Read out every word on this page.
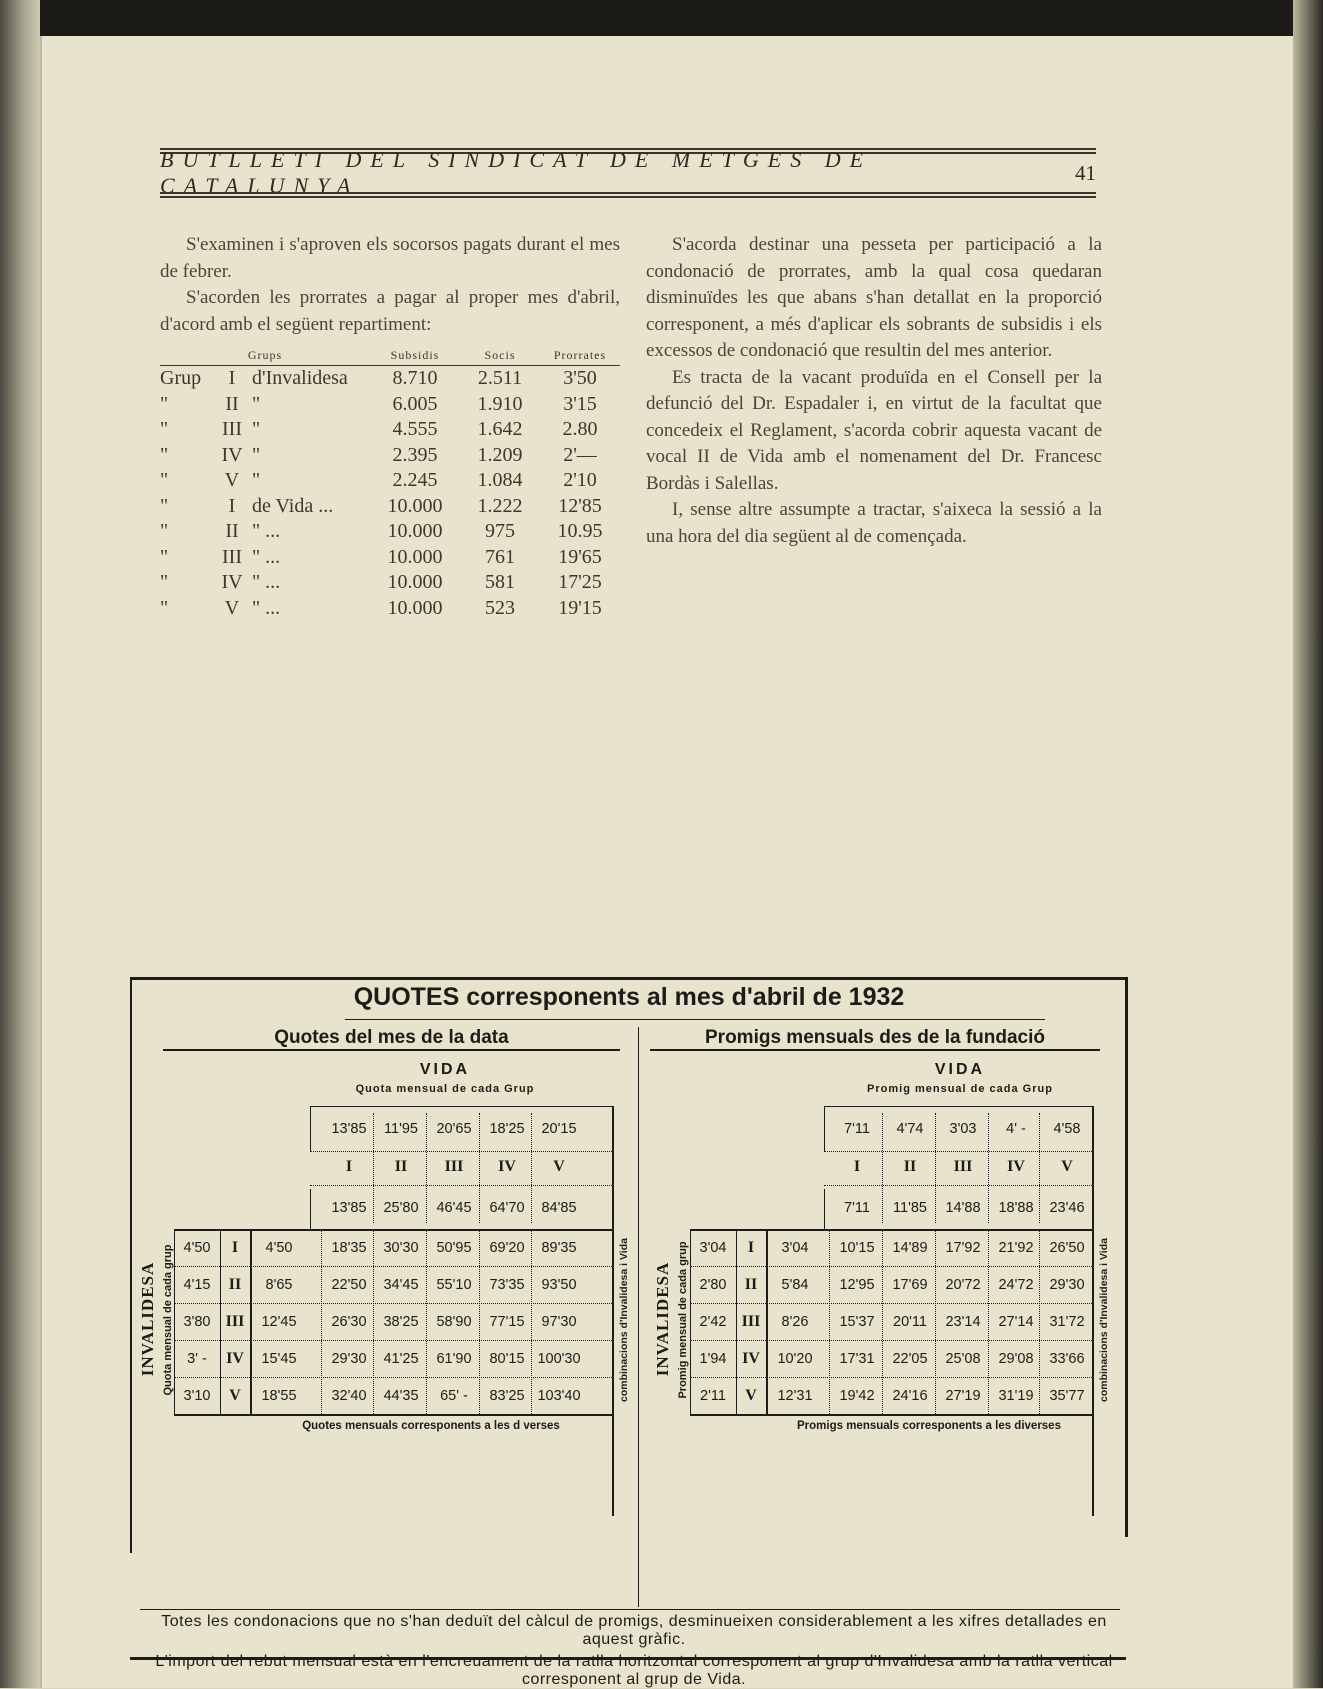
BUTLLETI DEL SINDICAT DE METGES DE CATALUNYA
41

S'examinen i s'aproven els socorsos pagats durant el mes de febrer.

S'acorden les prorrates a pagar al proper mes d'abril, d'acord amb el següent repartiment:

Grups			Subsidis	Socis	Prorrates
Grup	I	d'Invalidesa	8.710	2.511	3'50
"	II	"	6.005	1.910	3'15
"	III	"	4.555	1.642	2.80
"	IV	"	2.395	1.209	2'—
"	V	"	2.245	1.084	2'10
"	I	de Vida ...	10.000	1.222	12'85
"	II	" ...	10.000	975	10.95
"	III	" ...	10.000	761	19'65
"	IV	" ...	10.000	581	17'25
"	V	" ...	10.000	523	19'15

S'acorda destinar una pesseta per participació a la condonació de prorrates, amb la qual cosa quedaran disminuïdes les que abans s'han detallat en la proporció corresponent, a més d'aplicar els sobrants de subsidis i els excessos de condonació que resultin del mes anterior.

Es tracta de la vacant produïda en el Consell per la defunció del Dr. Espadaler i, en virtut de la facultat que concedeix el Reglament, s'acorda cobrir aquesta vacant de vocal II de Vida amb el nomenament del Dr. Francesc Bordàs i Salellas.

I, sense altre assumpte a tractar, s'aixeca la sessió a la una hora del dia següent al de començada.

QUOTES corresponents al mes d'abril de 1932
Quotes del mes de la data	Promigs mensuals des de la fundació
VIDA
Quota mensual de cada Grup
13'85	11'95	20'65	18'25	20'15
I	II	III	IV	V
13'85	25'80	46'45	64'70	84'85
4'50	I	4'50	18'35	30'30	50'95	69'20	89'35
4'15	II	8'65	22'50	34'45	55'10	73'35	93'50
3'80 III	12'45	26'30	38'25	58'90	77'15	97'30
3' -	IV	15'45	29'30	41'25	61'90	80'15 100'30
3'10	V	18'55	32'40	44'35	65' -	83'25 103'40
INVALIDESA Quota mensual de cada grup	combinacions d'Invalidesa i Vida
Quotes mensuals corresponents a les d verses
VIDA
Promig mensual de cada Grup
7'11	4'74	3'03	4' -	4'58
I	II	III	IV	V
7'11	11'85	14'88	18'88	23'46
3'04	I	3'04	10'15	14'89	17'92	21'92	26'50
2'80	II	5'84	12'95	17'69	20'72	24'72	29'30
2'42 III	8'26	15'37	20'11	23'14	27'14	31'72
1'94 IV	10'20	17'31	22'05	25'08	29'08	33'66
2'11	V	12'31	19'42	24'16	27'19	31'19	35'77
INVALIDESA Promig mensual de cada grup	combinacions d'Invalidesa i Vida
Promigs mensuals corresponents a les diverses
Totes les condonacions que no s'han deduït del càlcul de promigs, desminueixen considerablement a les xifres detallades en aquest gràfic.
L'import del rebut mensual està en l'encreuament de la ratlla horitzontal corresponent al grup d'Invalidesa amb la ratlla vertical corresponent al grup de Vida.
